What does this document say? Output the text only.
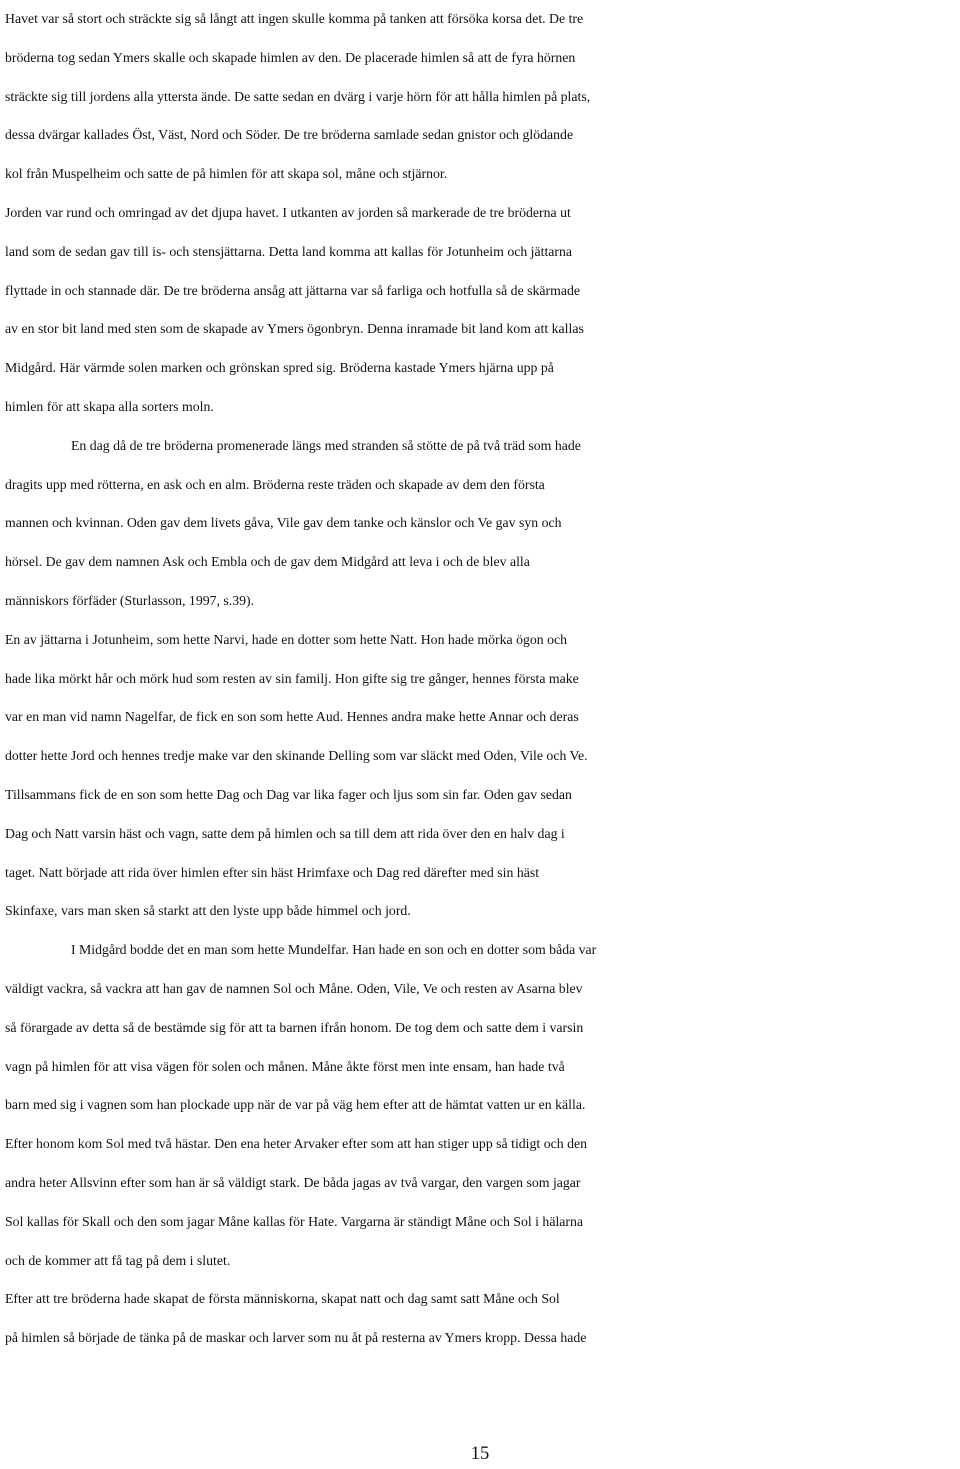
Havet var så stort och sträckte sig så långt att ingen skulle komma på tanken att försöka korsa det. De tre
bröderna tog sedan Ymers skalle och skapade himlen av den. De placerade himlen så att de fyra hörnen
sträckte sig till jordens alla yttersta ände. De satte sedan en dvärg i varje hörn för att hålla himlen på plats,
dessa dvärgar kallades Öst, Väst, Nord och Söder. De tre bröderna samlade sedan gnistor och glödande
kol från Muspelheim och satte de på himlen för att skapa sol, måne och stjärnor.
Jorden var rund och omringad av det djupa havet. I utkanten av jorden så markerade de tre bröderna ut
land som de sedan gav till is- och stensjättarna. Detta land komma att kallas för Jotunheim och jättarna
flyttade in och stannade där. De tre bröderna ansåg att jättarna var så farliga och hotfulla så de skärmade
av en stor bit land med sten som de skapade av Ymers ögonbryn. Denna inramade bit land kom att kallas
Midgård. Här värmde solen marken och grönskan spred sig. Bröderna kastade Ymers hjärna upp på
himlen för att skapa alla sorters moln.
En dag då de tre bröderna promenerade längs med stranden så stötte de på två träd som hade
dragits upp med rötterna, en ask och en alm. Bröderna reste träden och skapade av dem den första
mannen och kvinnan. Oden gav dem livets gåva, Vile gav dem tanke och känslor och Ve gav syn och
hörsel. De gav dem namnen Ask och Embla och de gav dem Midgård att leva i och de blev alla
människors förfäder (Sturlasson, 1997, s.39).
En av jättarna i Jotunheim, som hette Narvi, hade en dotter som hette Natt. Hon hade mörka ögon och
hade lika mörkt hår och mörk hud som resten av sin familj. Hon gifte sig tre gånger, hennes första make
var en man vid namn Nagelfar, de fick en son som hette Aud. Hennes andra make hette Annar och deras
dotter hette Jord och hennes tredje make var den skinande Delling som var släckt med Oden, Vile och Ve.
Tillsammans fick de en son som hette Dag och Dag var lika fager och ljus som sin far. Oden gav sedan
Dag och Natt varsin häst och vagn, satte dem på himlen och sa till dem att rida över den en halv dag i
taget. Natt började att rida över himlen efter sin häst Hrimfaxe och Dag red därefter med sin häst
Skinfaxe, vars man sken så starkt att den lyste upp både himmel och jord.
I Midgård bodde det en man som hette Mundelfar. Han hade en son och en dotter som båda var
väldigt vackra, så vackra att han gav de namnen Sol och Måne. Oden, Vile, Ve och resten av Asarna blev
så förargade av detta så de bestämde sig för att ta barnen ifrån honom. De tog dem och satte dem i varsin
vagn på himlen för att visa vägen för solen och månen. Måne åkte först men inte ensam, han hade två
barn med sig i vagnen som han plockade upp när de var på väg hem efter att de hämtat vatten ur en källa.
Efter honom kom Sol med två hästar. Den ena heter Arvaker efter som att han stiger upp så tidigt och den
andra heter Allsvinn efter som han är så väldigt stark. De båda jagas av två vargar, den vargen som jagar
Sol kallas för Skall och den som jagar Måne kallas för Hate. Vargarna är ständigt Måne och Sol i hälarna
och de kommer att få tag på dem i slutet.
Efter att tre bröderna hade skapat de första människorna, skapat natt och dag samt satt Måne och Sol
på himlen så började de tänka på de maskar och larver som nu åt på resterna av Ymers kropp. Dessa hade
15
